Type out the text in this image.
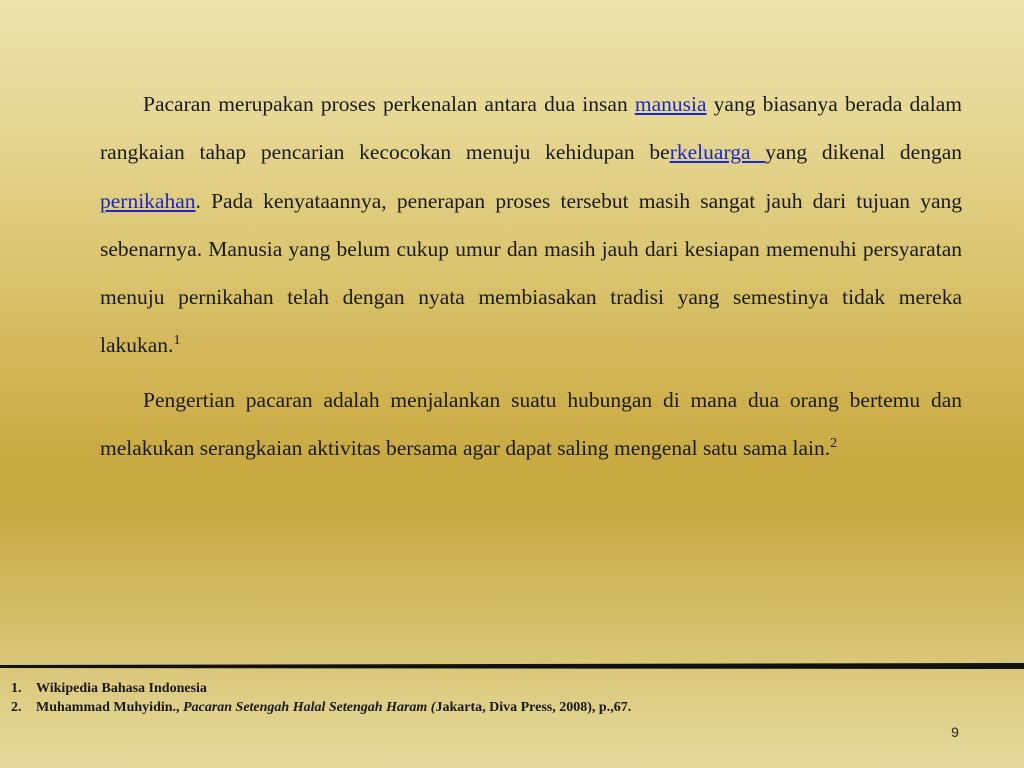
Pacaran merupakan proses perkenalan antara dua insan manusia yang biasanya berada dalam rangkaian tahap pencarian kecocokan menuju kehidupan berkeluarga yang dikenal dengan pernikahan. Pada kenyataannya, penerapan proses tersebut masih sangat jauh dari tujuan yang sebenarnya. Manusia yang belum cukup umur dan masih jauh dari kesiapan memenuhi persyaratan menuju pernikahan telah dengan nyata membiasakan tradisi yang semestinya tidak mereka lakukan.$^1$

Pengertian pacaran adalah menjalankan suatu hubungan di mana dua orang bertemu dan melakukan serangkaian aktivitas bersama agar dapat saling mengenal satu sama lain.$^2$

1. Wikipedia Bahasa Indonesia
2. Muhammad Muhyidin., Pacaran Setengah Halal Setengah Haram (Jakarta, Diva Press, 2008), p.,67.
9
